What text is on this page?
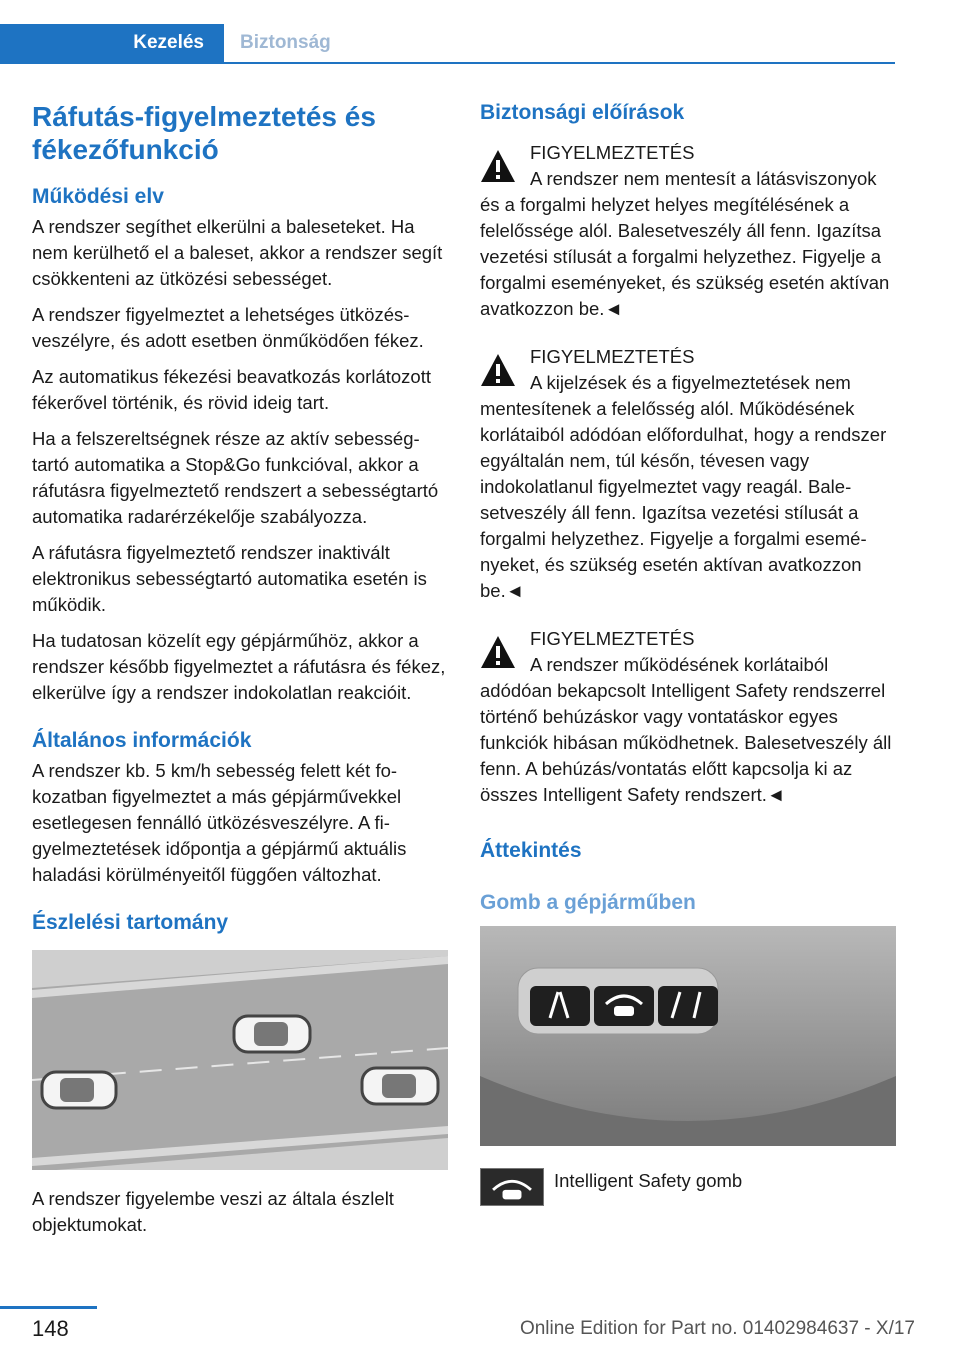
Kezelés	Biztonság
Ráfutás-figyelmeztetés és fékezőfunkció
Működési elv

A rendszer segíthet elkerülni a baleseteket. Ha nem kerülhető el a baleset, akkor a rendszer segít csökkenteni az ütközési sebességet.

A rendszer figyelmeztet a lehetséges ütközésveszélyre, és adott esetben önműködően fékez.

Az automatikus fékezési beavatkozás korlátozott fékerővel történik, és rövid ideig tart.

Ha a felszereltségnek része az aktív sebességtartó automatika a Stop&Go funkcióval, akkor a ráfutásra figyelmeztető rendszert a sebességtartó automatika radarérzékelője szabályozza.

A ráfutásra figyelmeztető rendszer inaktivált elektronikus sebességtartó automatika esetén is működik.

Ha tudatosan közelít egy gépjárműhöz, akkor a rendszer később figyelmeztet a ráfutásra és fékez, elkerülve így a rendszer indokolatlan reakcióit.

Általános információk

A rendszer kb. 5 km/h sebesség felett két fokozatban figyelmeztet a más gépjárművekkel esetlegesen fennálló ütközésveszélyre. A figyelmeztetések időpontja a gépjármű aktuális haladási körülményeitől függően változhat.

Észlelési tartomány

A rendszer figyelembe veszi az általa észlelt objektumokat.

Biztonsági előírások
FIGYELMEZTETÉS
A rendszer nem mentesít a látásviszonyok és a forgalmi helyzet helyes megítélésének a felelőssége alól. Balesetveszély áll fenn. Igazítsa vezetési stílusát a forgalmi helyzethez. Figyelje a forgalmi eseményeket, és szükség esetén aktívan avatkozzon be.◄
FIGYELMEZTETÉS
A kijelzések és a figyelmeztetések nem mentesítenek a felelősség alól. Működésének korlátaiból adódóan előfordulhat, hogy a rendszer egyáltalán nem, túl későn, tévesen vagy indokolatlanul figyelmeztet vagy reagál. Balesetveszély áll fenn. Igazítsa vezetési stílusát a forgalmi helyzethez. Figyelje a forgalmi eseményeket, és szükség esetén aktívan avatkozzon be.◄
FIGYELMEZTETÉS
A rendszer működésének korlátaiból adódóan bekapcsolt Intelligent Safety rendszerrel történő behúzáskor vagy vontatáskor egyes funkciók hibásan működhetnek. Balesetveszély áll fenn. A behúzás/vontatás előtt kapcsolja ki az összes Intelligent Safety rendszert.◄
Áttekintés
Gomb a gépjárműben
Intelligent Safety gomb
148	Online Edition for Part no. 01402984637 - X/17
